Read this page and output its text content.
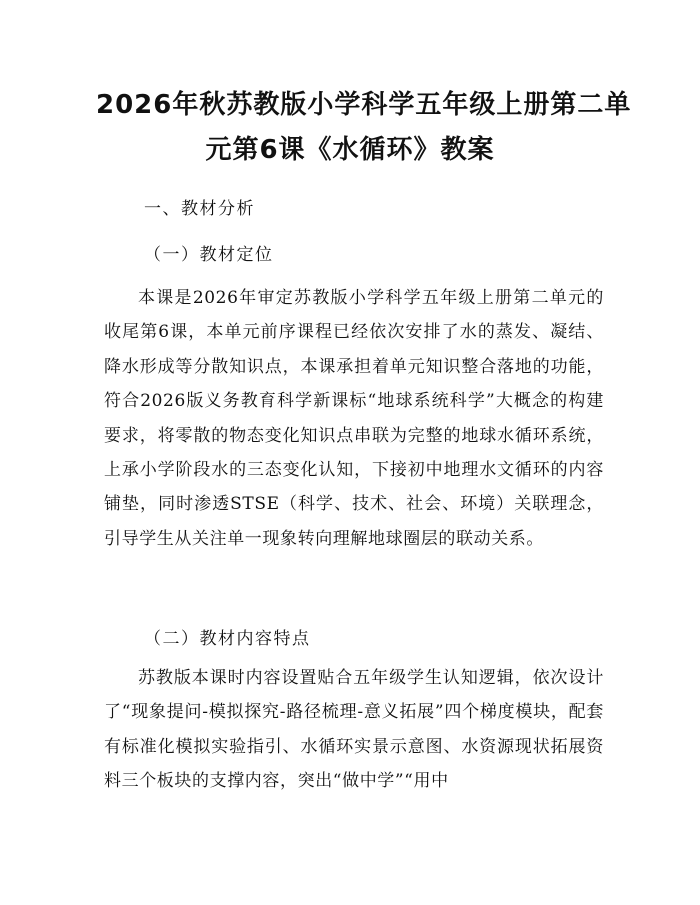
2026年秋苏教版小学科学五年级上册第二单
元第6课《水循环》教案
一、教材分析
（一）教材定位
本课是2026年审定苏教版小学科学五年级上册第二单元的收尾第6课，本单元前序课程已经依次安排了水的蒸发、凝结、降水形成等分散知识点，本课承担着单元知识整合落地的功能，符合2026版义务教育科学新课标“地球系统科学”大概念的构建要求，将零散的物态变化知识点串联为完整的地球水循环系统，上承小学阶段水的三态变化认知，下接初中地理水文循环的内容铺垫，同时渗透STSE（科学、技术、社会、环境）关联理念，引导学生从关注单一现象转向理解地球圈层的联动关系。
（二）教材内容特点
苏教版本课时内容设置贴合五年级学生认知逻辑，依次设计了“现象提问-模拟探究-路径梳理-意义拓展”四个梯度模块，配套有标准化模拟实验指引、水循环实景示意图、水资源现状拓展资料三个板块的支撑内容，突出“做中学”“用中
